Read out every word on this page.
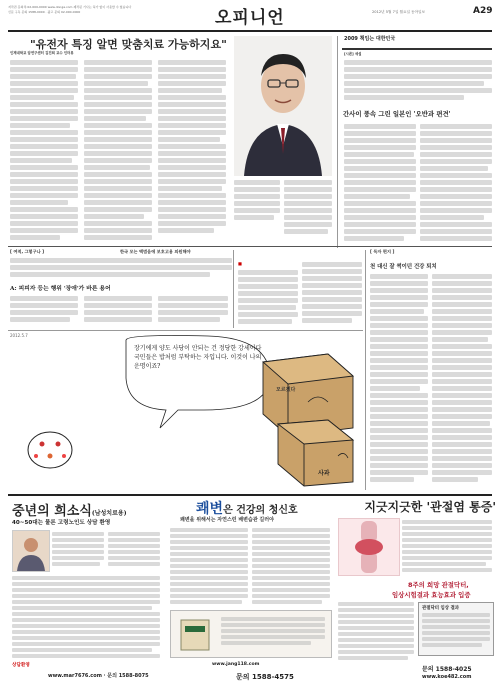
저작권 문의처:02-000-0000 www.donga.com 제작된 기사는 허가 없이 사용할 수 없습니다
신문 구독 문의 1588-0000 · 광고 문의 02-000-0000	오피니언	2012년 5월 7일 월요일 동아일보	A29
"유전자 특징 알면 맞춤치료 가능하지요"
인제대학교 암연구센터 김진희 교수 인터뷰
2009 책임는 대한민국
[시론] 세설
간사이 풍속 그린 일본인 '오반과 편견'
[ 여적, 그렇구나 ]	한국 모는 백범음에 보호고용 의원해야	[ 독자 편지 ]
A: 피피자 등는 행위 '장애'가 바른 용어
■
천 대신 잘 썩이던 건강 퇴치
장기에게 양도 사당이 안되는 건 정당한 강세이다 국민들은 밥처럼 부탁하는 자입니다. 이것이 나의 운명이죠?
모르겠다
사과
2012.5.7
중년의 희소식(남성치료용)
40~50대는 물론 고령노인도 상담 환영
상담환영
www.mar7676.com · 문의 1588-8075
쾌변은 건강의 청신호
쾌변을 위해서는 자연스런 배변습관 길러야
www.jang118.com
문의 1588-4575
지긋지긋한 '관절염 통증'
8주의 희망 관절닥터,
임상시험결과 효능효과 입증
관절닥터 임상 결과
문의 1588-4025
www.koe482.com
